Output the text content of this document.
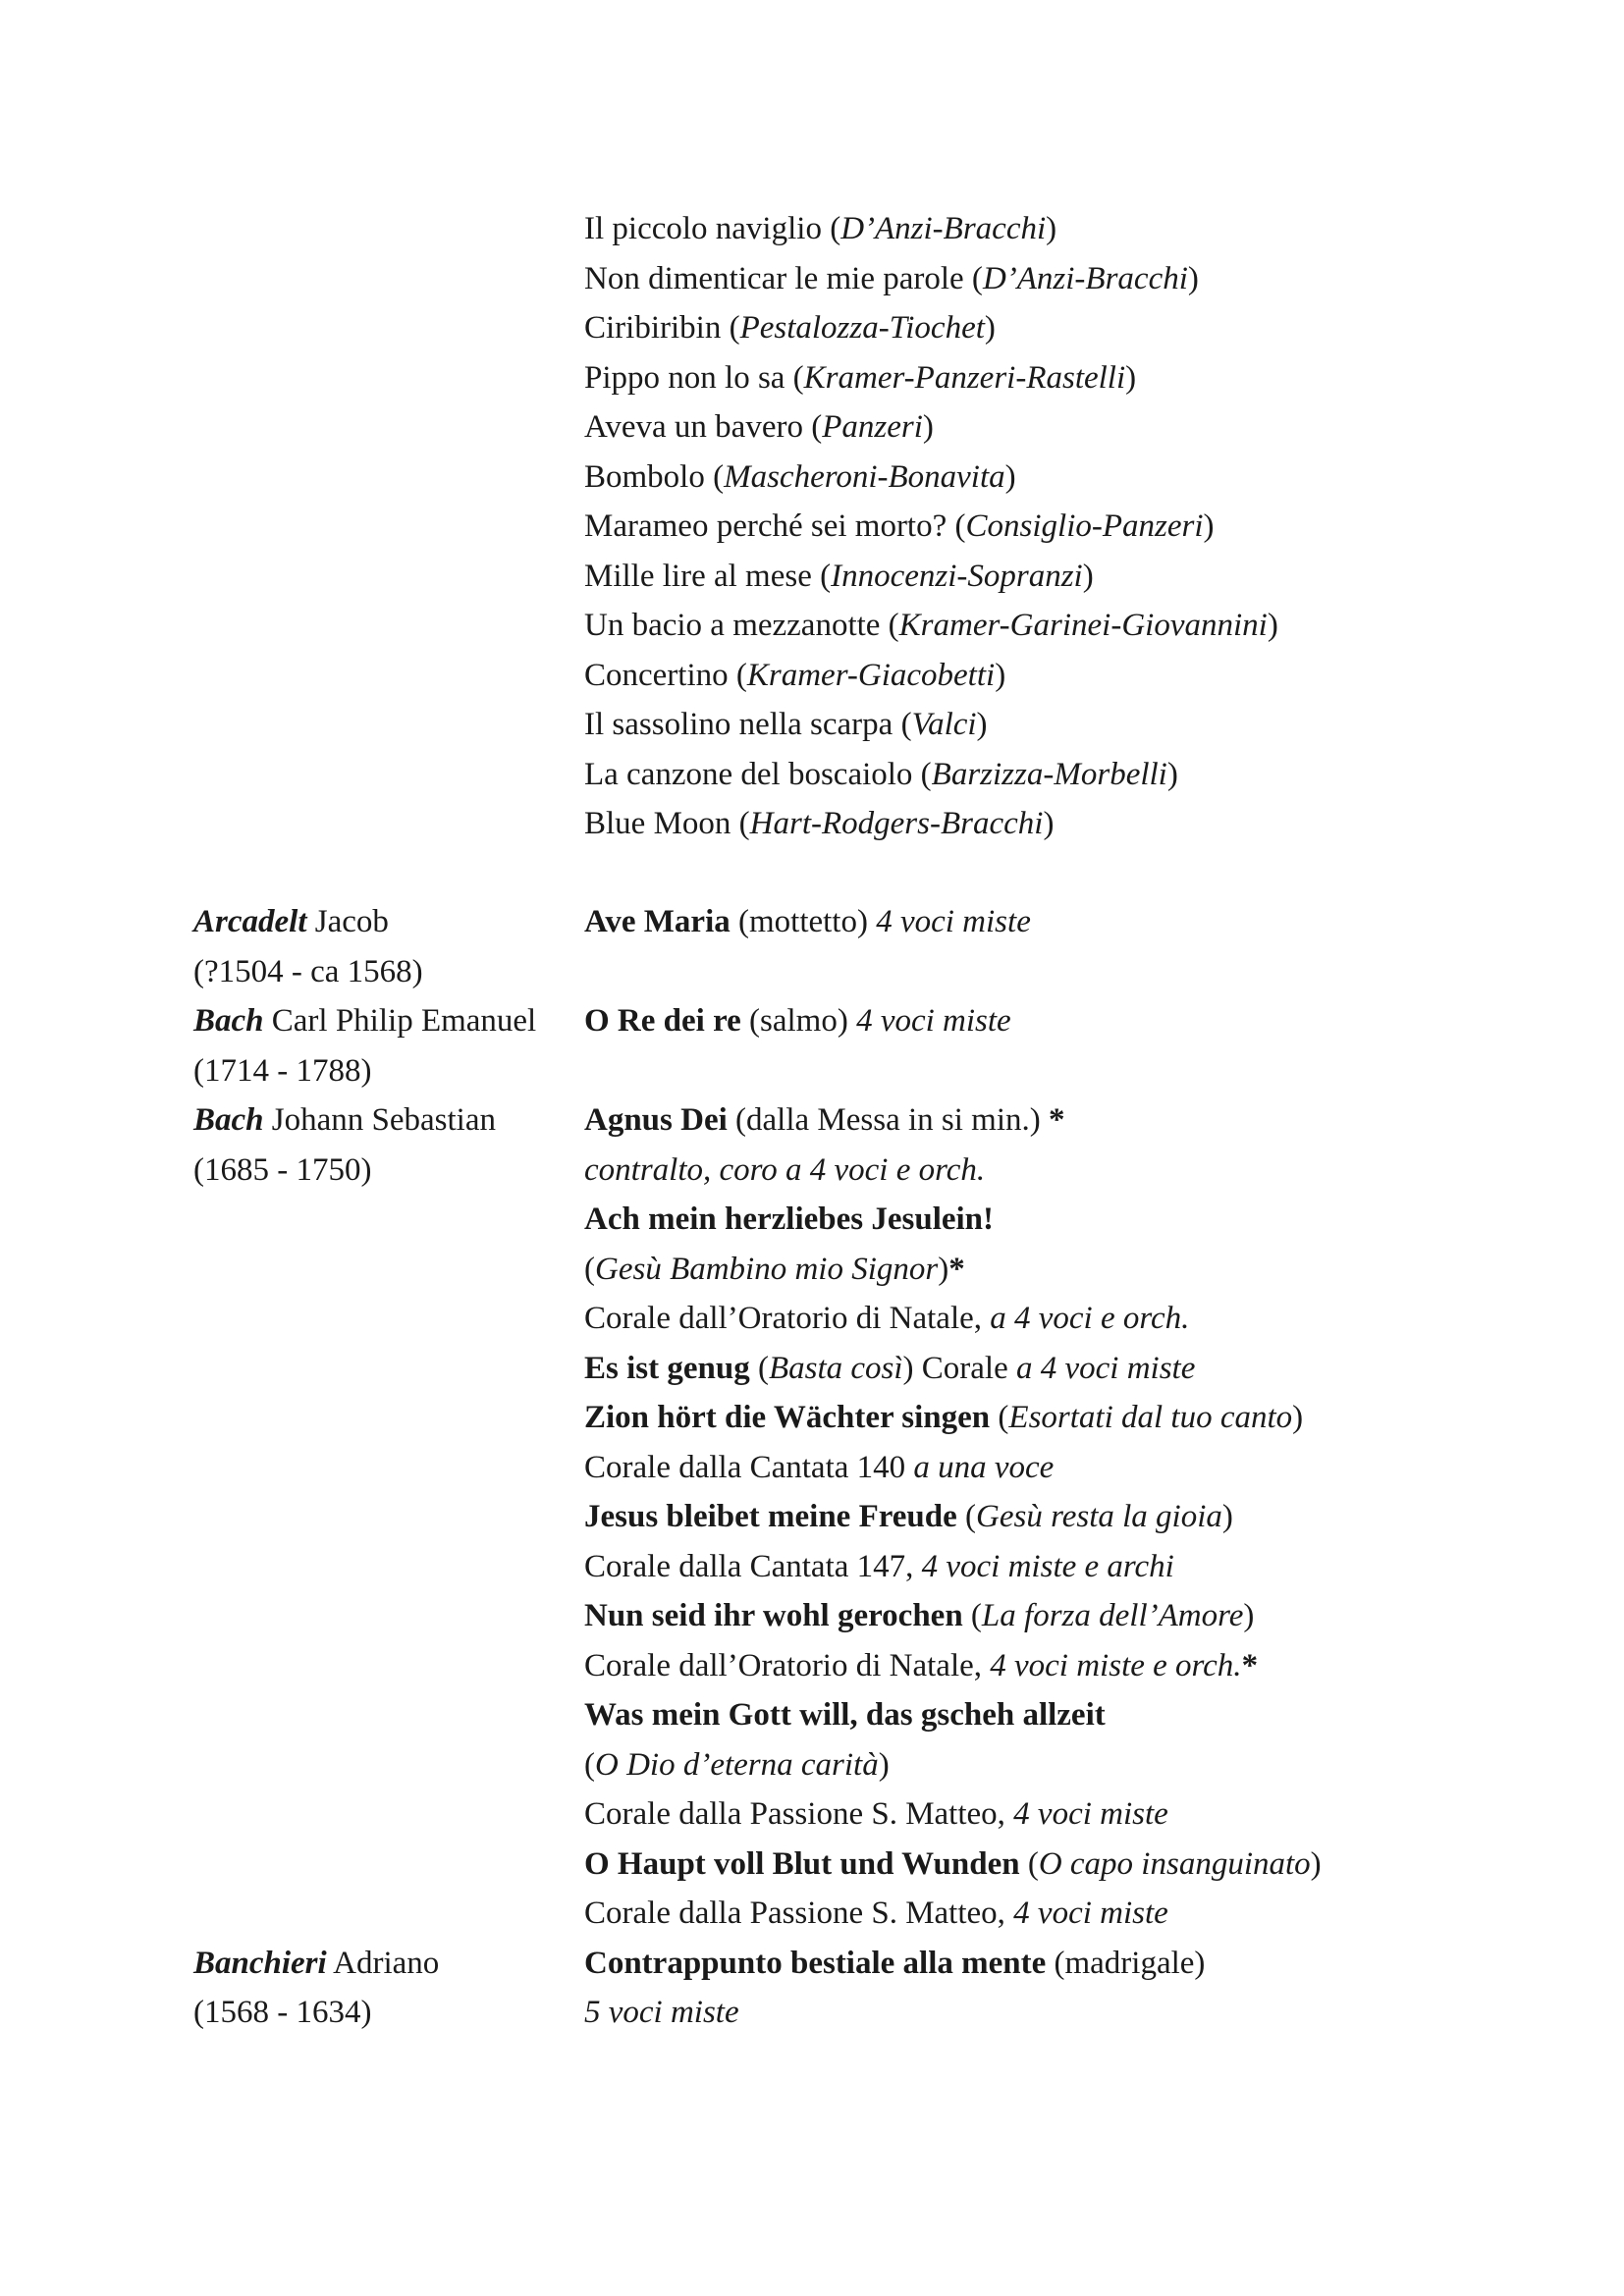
Il piccolo naviglio (D’Anzi-Bracchi)
Non dimenticar le mie parole (D’Anzi-Bracchi)
Ciribiribin (Pestalozza-Tiochet)
Pippo non lo sa (Kramer-Panzeri-Rastelli)
Aveva un bavero (Panzeri)
Bombolo (Mascheroni-Bonavita)
Marameo perché sei morto? (Consiglio-Panzeri)
Mille lire al mese (Innocenzi-Sopranzi)
Un bacio a mezzanotte (Kramer-Garinei-Giovannini)
Concertino (Kramer-Giacobetti)
Il sassolino nella scarpa (Valci)
La canzone del boscaiolo (Barzizza-Morbelli)
Blue Moon (Hart-Rodgers-Bracchi)
Arcadelt Jacob
(?1504 - ca 1568)
Ave Maria (mottetto) 4 voci miste
Bach Carl Philip Emanuel
(1714 - 1788)
O Re dei re (salmo) 4 voci miste
Bach Johann Sebastian
(1685 - 1750)
Agnus Dei (dalla Messa in si min.) *
contralto, coro a 4 voci e orch.
Ach mein herzliebes Jesulein!
(Gesù Bambino mio Signor)*
Corale dall’Oratorio di Natale, a 4 voci e orch.
Es ist genug (Basta così) Corale a 4 voci miste
Zion hört die Wächter singen (Esortati dal tuo canto)
Corale dalla Cantata 140 a una voce
Jesus bleibet meine Freude (Gesù resta la gioia)
Corale dalla Cantata 147, 4 voci miste e archi
Nun seid ihr wohl gerochen (La forza dell’Amore)
Corale dall’Oratorio di Natale, 4 voci miste e orch.*
Was mein Gott will, das gscheh allzeit
(O Dio d’eterna carità)
Corale dalla Passione S. Matteo, 4 voci miste
O Haupt voll Blut und Wunden (O capo insanguinato)
Corale dalla Passione S. Matteo, 4 voci miste
Banchieri Adriano
(1568 - 1634)
Contrappunto bestiale alla mente (madrigale)
5 voci miste
